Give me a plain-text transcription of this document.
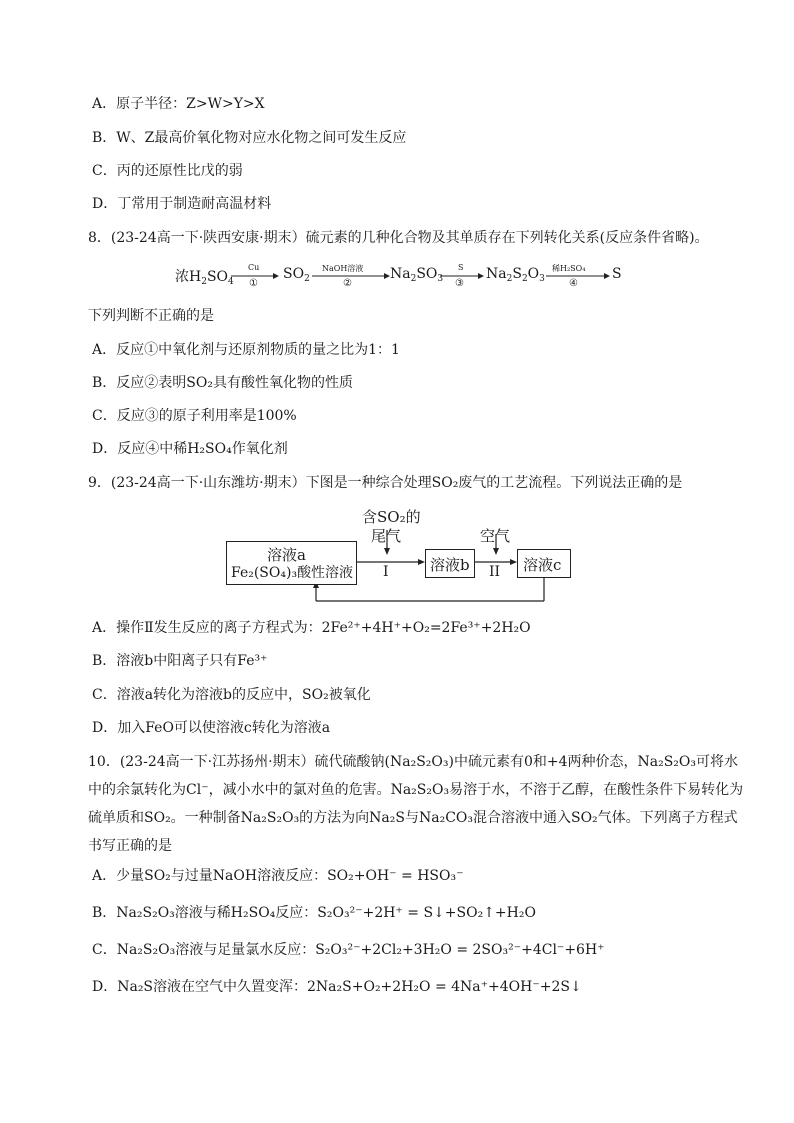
A．原子半径：Z>W>Y>X
B．W、Z最高价氧化物对应水化物之间可发生反应
C．丙的还原性比戊的弱
D．丁常用于制造耐高温材料
8．(23-24高一下·陕西安康·期末）硫元素的几种化合物及其单质存在下列转化关系(反应条件省略)。
浓$H_2SO_4$
Cu
①
$SO_2$
NaOH溶液
②
$Na_2SO_3$
S
③
$Na_2S_2O_3$
稀H₂SO₄
④
S
下列判断不正确的是
A．反应①中氧化剂与还原剂物质的量之比为1：1
B．反应②表明SO₂具有酸性氧化物的性质
C．反应③的原子利用率是100%
D．反应④中稀H₂SO₄作氧化剂
9．(23-24高一下·山东潍坊·期末）下图是一种综合处理SO₂废气的工艺流程。下列说法正确的是
含SO₂的
尾气	空气
溶液a
Fe₂(SO₄)₃酸性溶液 I	溶液b II 溶液c
A．操作Ⅱ发生反应的离子方程式为：2Fe²⁺+4H⁺+O₂=2Fe³⁺+2H₂O
B．溶液b中阳离子只有Fe³⁺
C．溶液a转化为溶液b的反应中，SO₂被氧化
D．加入FeO可以使溶液c转化为溶液a
10．(23-24高一下·江苏扬州·期末）硫代硫酸钠(Na₂S₂O₃)中硫元素有0和+4两种价态，Na₂S₂O₃可将水
中的余氯转化为Cl⁻，减小水中的氯对鱼的危害。Na₂S₂O₃易溶于水，不溶于乙醇，在酸性条件下易转化为
硫单质和SO₂。一种制备Na₂S₂O₃的方法为向Na₂S与Na₂CO₃混合溶液中通入SO₂气体。下列离子方程式
书写正确的是
A．少量SO₂与过量NaOH溶液反应：SO₂+OH⁻ = HSO₃⁻
B．Na₂S₂O₃溶液与稀H₂SO₄反应：S₂O₃²⁻+2H⁺ = S↓+SO₂↑+H₂O
C．Na₂S₂O₃溶液与足量氯水反应：S₂O₃²⁻+2Cl₂+3H₂O = 2SO₃²⁻+4Cl⁻+6H⁺
D．Na₂S溶液在空气中久置变浑：2Na₂S+O₂+2H₂O = 4Na⁺+4OH⁻+2S↓
